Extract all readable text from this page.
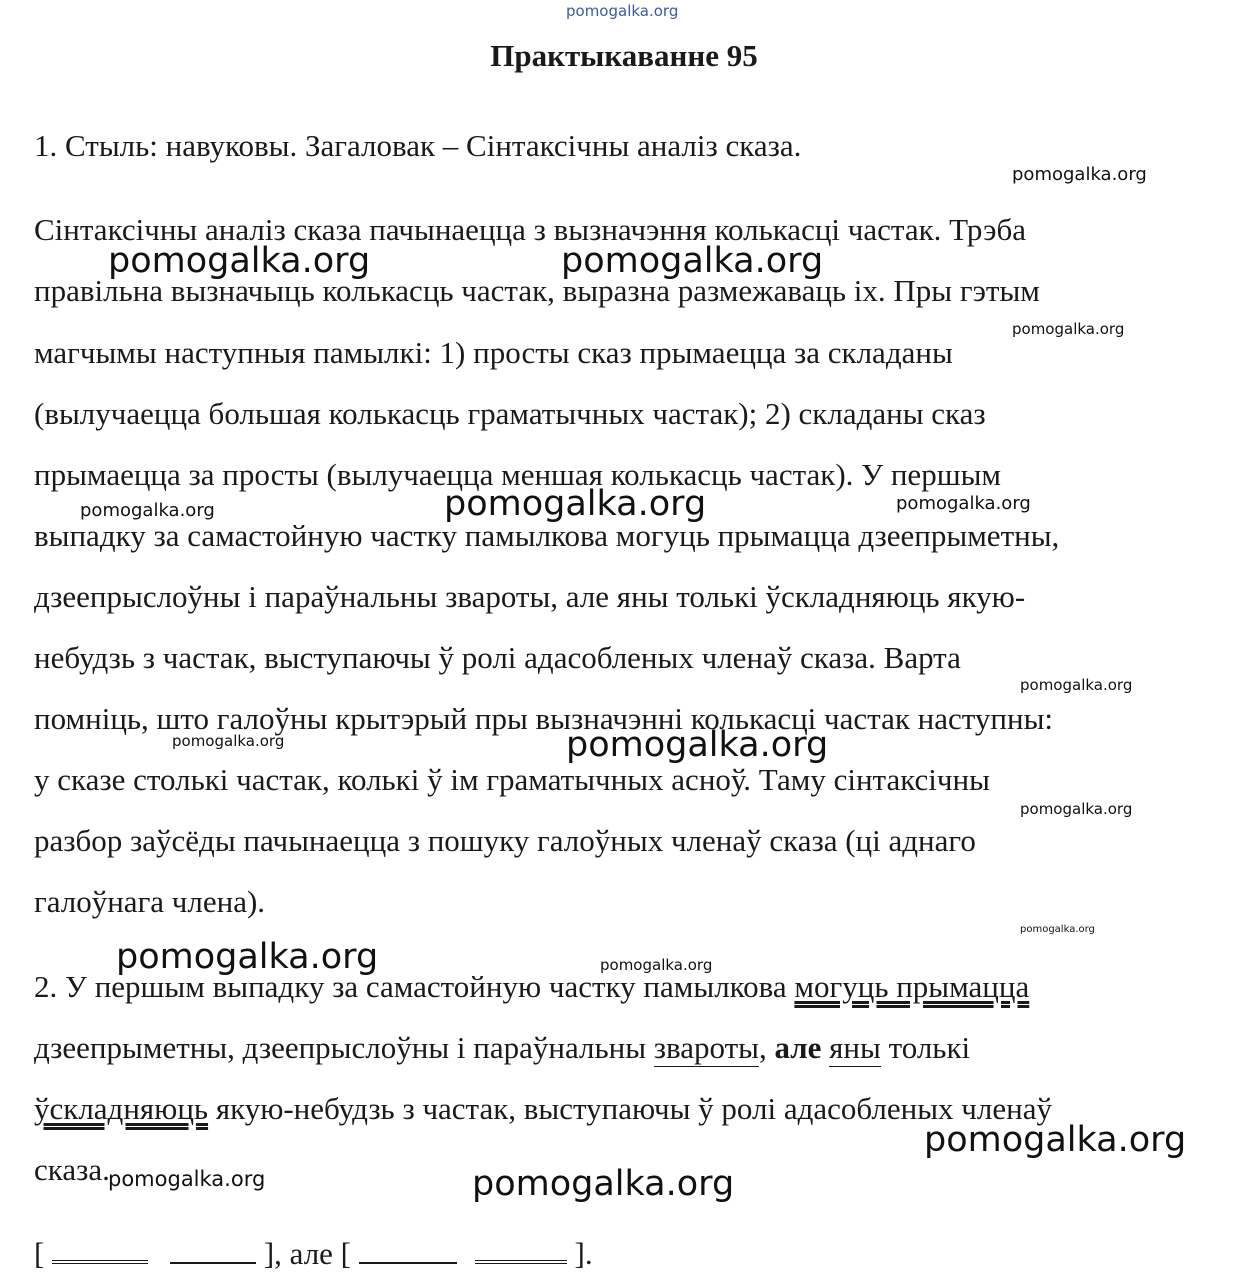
pomogalka.org
Практыкаванне 95
1. Стыль: навуковы. Загаловак – Сінтаксічны аналіз сказа.
Сінтаксічны аналіз сказа пачынаецца з вызначэння колькасці частак. Трэба
правільна вызначыць колькасць частак, выразна размежаваць іх. Пры гэтым
магчымы наступныя памылкі: 1) просты сказ прымаецца за складаны
(вылучаецца большая колькасць граматычных частак); 2) складаны сказ
прымаецца за просты (вылучаецца меншая колькасць частак). У першым
выпадку за самастойную частку памылкова могуць прымацца дзеепрыметны,
дзеепрыслоўны і параўнальны звароты, але яны толькі ўскладняюць якую-
небудзь з частак, выступаючы ў ролі адасобленых членаў сказа. Варта
помніць, што галоўны крытэрый пры вызначэнні колькасці частак наступны:
у сказе столькі частак, колькі ў ім граматычных асноў. Таму сінтаксічны
разбор заўсёды пачынаецца з пошуку галоўных членаў сказа (ці аднаго
галоўнага члена).
2. У першым выпадку за самастойную частку памылкова могуць прымацца
дзеепрыметны, дзеепрыслоўны і параўнальны звароты, але яны толькі
ўскладняюць якую-небудзь з частак, выступаючы ў ролі адасобленых членаў
сказа.
[	], але [	].
pomogalka.org
pomogalka.org	pomogalka.org
pomogalka.org
pomogalka.org	pomogalka.org	pomogalka.org
pomogalka.org
pomogalka.org	pomogalka.org
pomogalka.org
pomogalka.org
pomogalka.org	pomogalka.org
pomogalka.org
pomogalka.org	pomogalka.org
